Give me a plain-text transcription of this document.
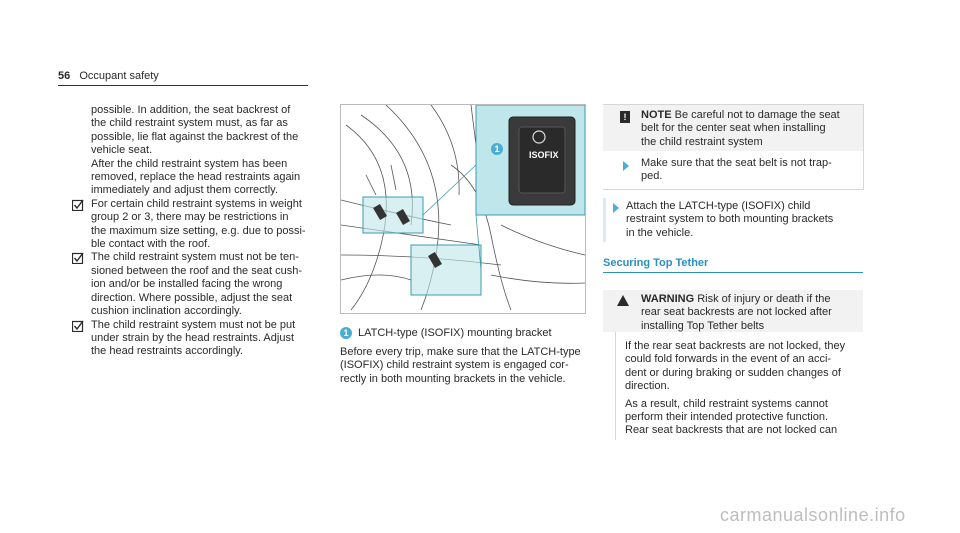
56 Occupant safety
possible. In addition, the seat backrest of
the child restraint system must, as far as
possible, lie flat against the backrest of the
vehicle seat.
After the child restraint system has been
removed, replace the head restraints again
immediately and adjust them correctly.
For certain child restraint systems in weight
group 2 or 3, there may be restrictions in
the maximum size setting, e.g. due to possi-
ble contact with the roof.
The child restraint system must not be ten-
sioned between the roof and the seat cush-
ion and/or be installed facing the wrong
direction. Where possible, adjust the seat
cushion inclination accordingly.
The child restraint system must not be put
under strain by the head restraints. Adjust
the head restraints accordingly.
1
ISOFIX
1 LATCH-type (ISOFIX) mounting bracket
Before every trip, make sure that the LATCH-type
(ISOFIX) child restraint system is engaged cor-
rectly in both mounting brackets in the vehicle.
!	NOTE Be careful not to damage the seat
belt for the center seat when installing
the child restraint system
Make sure that the seat belt is not trap-
ped.
Attach the LATCH-type (ISOFIX) child
restraint system to both mounting brackets
in the vehicle.
Securing Top Tether
WARNING Risk of injury or death if the
rear seat backrests are not locked after
installing Top Tether belts

If the rear seat backrests are not locked, they
could fold forwards in the event of an acci-
dent or during braking or sudden changes of
direction.

As a result, child restraint systems cannot
perform their intended protective function.
Rear seat backrests that are not locked can

carmanualsonline.info
